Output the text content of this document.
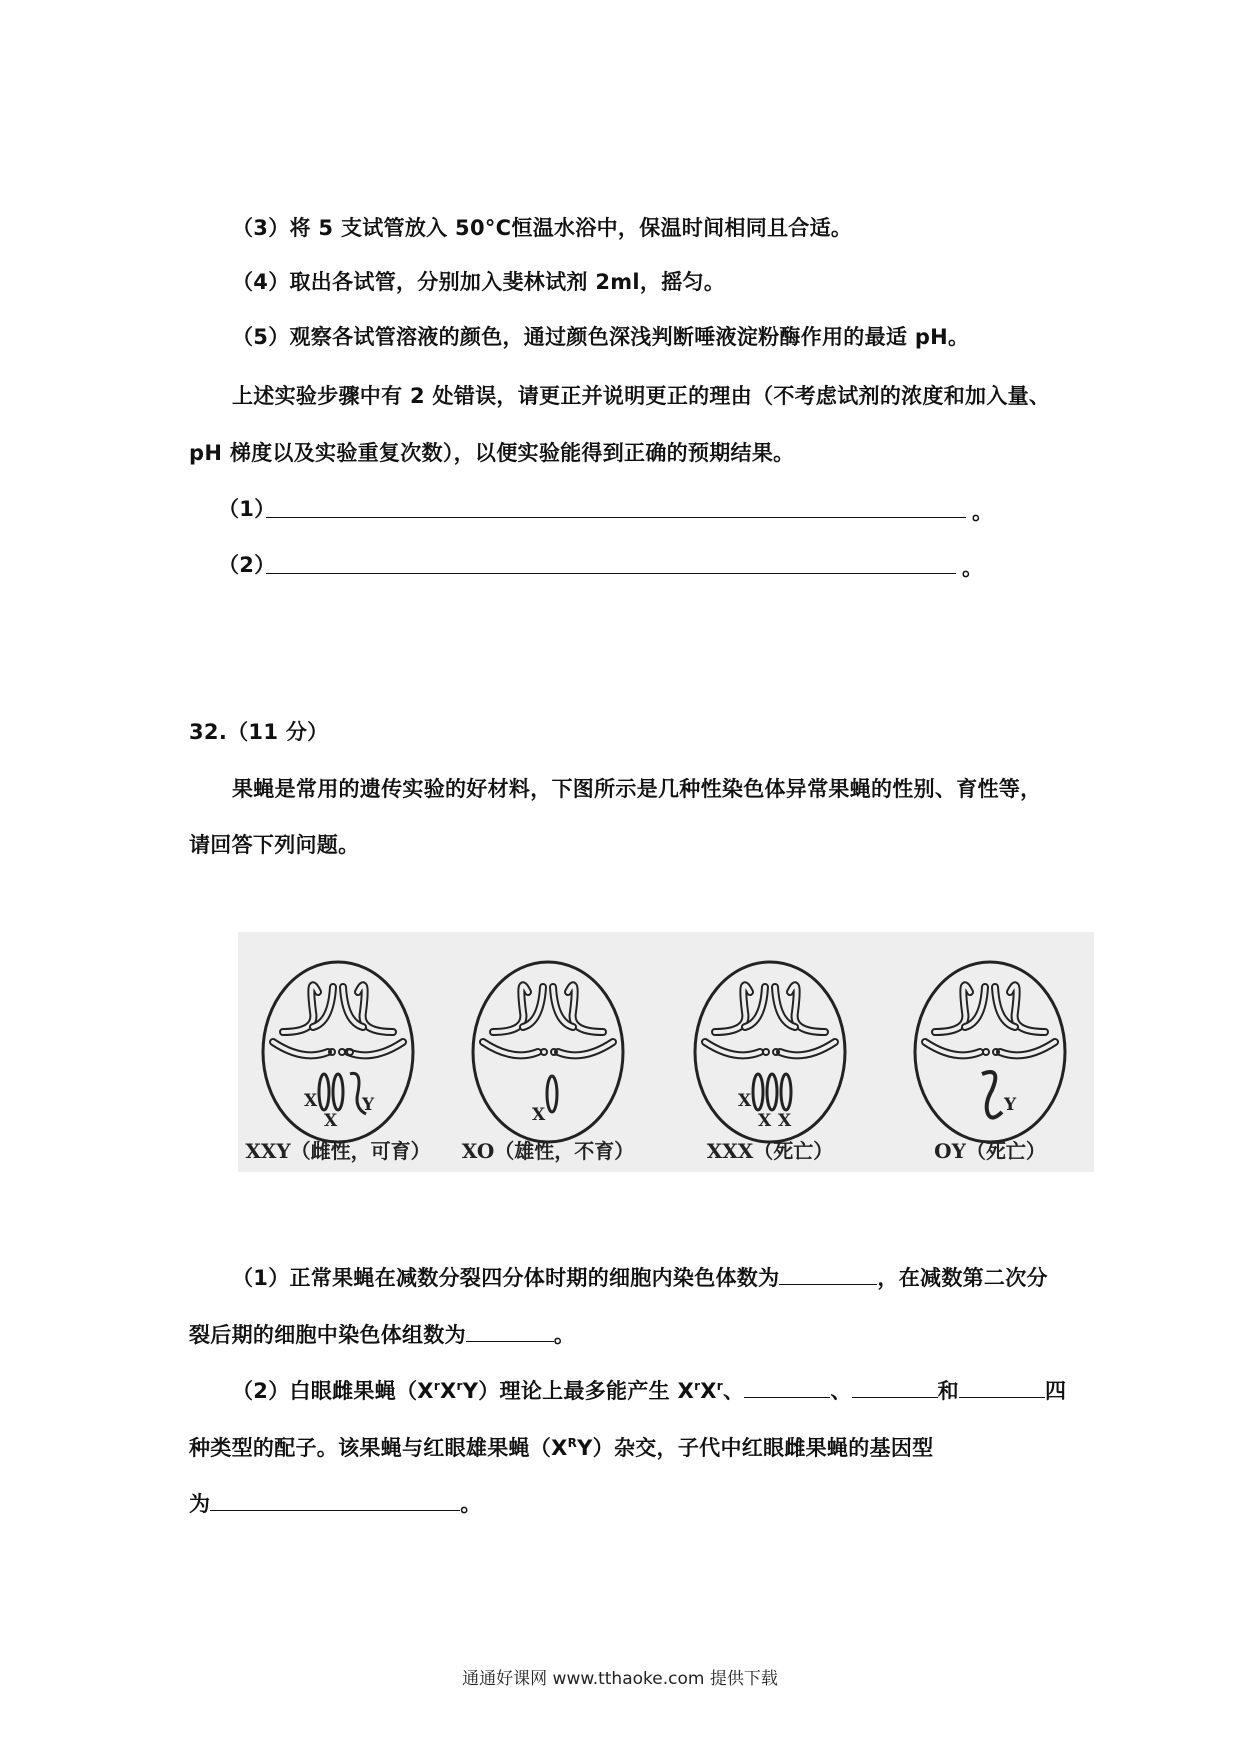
（3）将 5 支试管放入 50°C恒温水浴中，保温时间相同且合适。
（4）取出各试管，分别加入斐林试剂 2ml，摇匀。
（5）观察各试管溶液的颜色，通过颜色深浅判断唾液淀粉酶作用的最适 pH。
上述实验步骤中有 2 处错误，请更正并说明更正的理由（不考虑试剂的浓度和加入量、
pH 梯度以及实验重复次数），以便实验能得到正确的预期结果。
（1）	。
（2）	。
32.（11 分）
果蝇是常用的遗传实验的好材料，下图所示是几种性染色体异常果蝇的性别、育性等，
请回答下列问题。
X
X
Y
XXY（雌性，可育）
X
XO（雄性，不育）
X
X X
XXX（死亡）
Y
OY（死亡）
（1）正常果蝇在减数分裂四分体时期的细胞内染色体数为	，在减数第二次分
裂后期的细胞中染色体组数为	。
（2）白眼雌果蝇$(X^rX^rY)$理论上最多能产生 $X^rX^r$、	、	和	四
种类型的配子。该果蝇与红眼雄果蝇$(X^RY)$杂交，子代中红眼雌果蝇的基因型
为	。
通通好课网 www.tthaoke.com 提供下载
